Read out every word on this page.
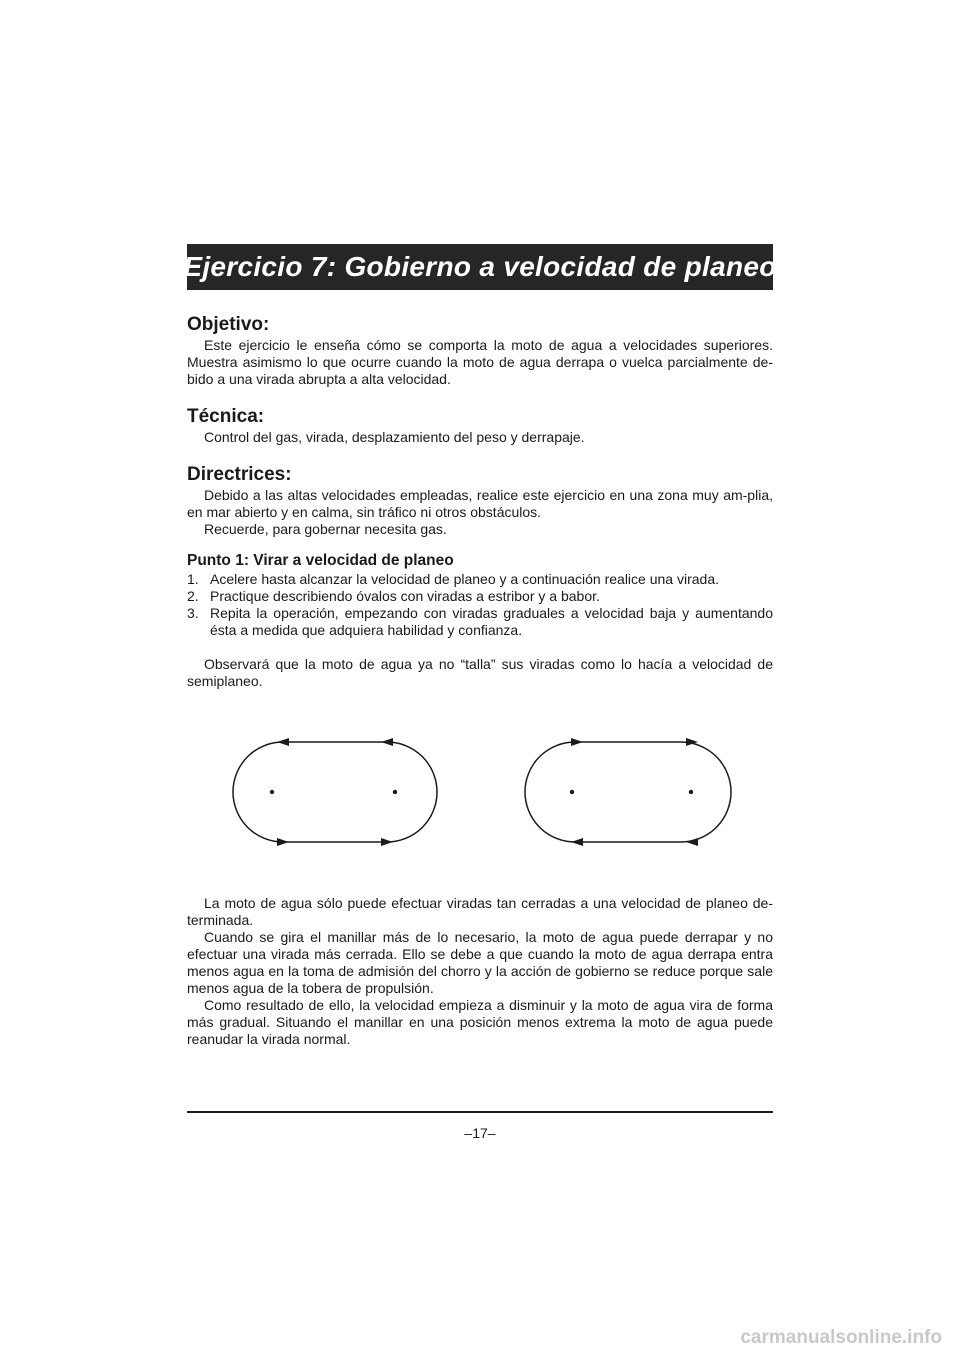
Ejercicio 7: Gobierno a velocidad de planeo
Objetivo:

Este ejercicio le enseña cómo se comporta la moto de agua a velocidades superiores. Muestra asimismo lo que ocurre cuando la moto de agua derrapa o vuelca parcialmente de-bido a una virada abrupta a alta velocidad.

Técnica:

Control del gas, virada, desplazamiento del peso y derrapaje.

Directrices:

Debido a las altas velocidades empleadas, realice este ejercicio en una zona muy am-plia, en mar abierto y en calma, sin tráfico ni otros obstáculos.

Recuerde, para gobernar necesita gas.

Punto 1: Virar a velocidad de planeo
1. Acelere hasta alcanzar la velocidad de planeo y a continuación realice una virada.
2. Practique describiendo óvalos con viradas a estribor y a babor.
3. Repita la operación, empezando con viradas graduales a velocidad baja y aumentando ésta a medida que adquiera habilidad y confianza.

Observará que la moto de agua ya no “talla” sus viradas como lo hacía a velocidad de semiplaneo.

La moto de agua sólo puede efectuar viradas tan cerradas a una velocidad de planeo de-terminada.

Cuando se gira el manillar más de lo necesario, la moto de agua puede derrapar y no efectuar una virada más cerrada. Ello se debe a que cuando la moto de agua derrapa entra menos agua en la toma de admisión del chorro y la acción de gobierno se reduce porque sale menos agua de la tobera de propulsión.

Como resultado de ello, la velocidad empieza a disminuir y la moto de agua vira de forma más gradual. Situando el manillar en una posición menos extrema la moto de agua puede reanudar la virada normal.

–17–
carmanualsonline.info
